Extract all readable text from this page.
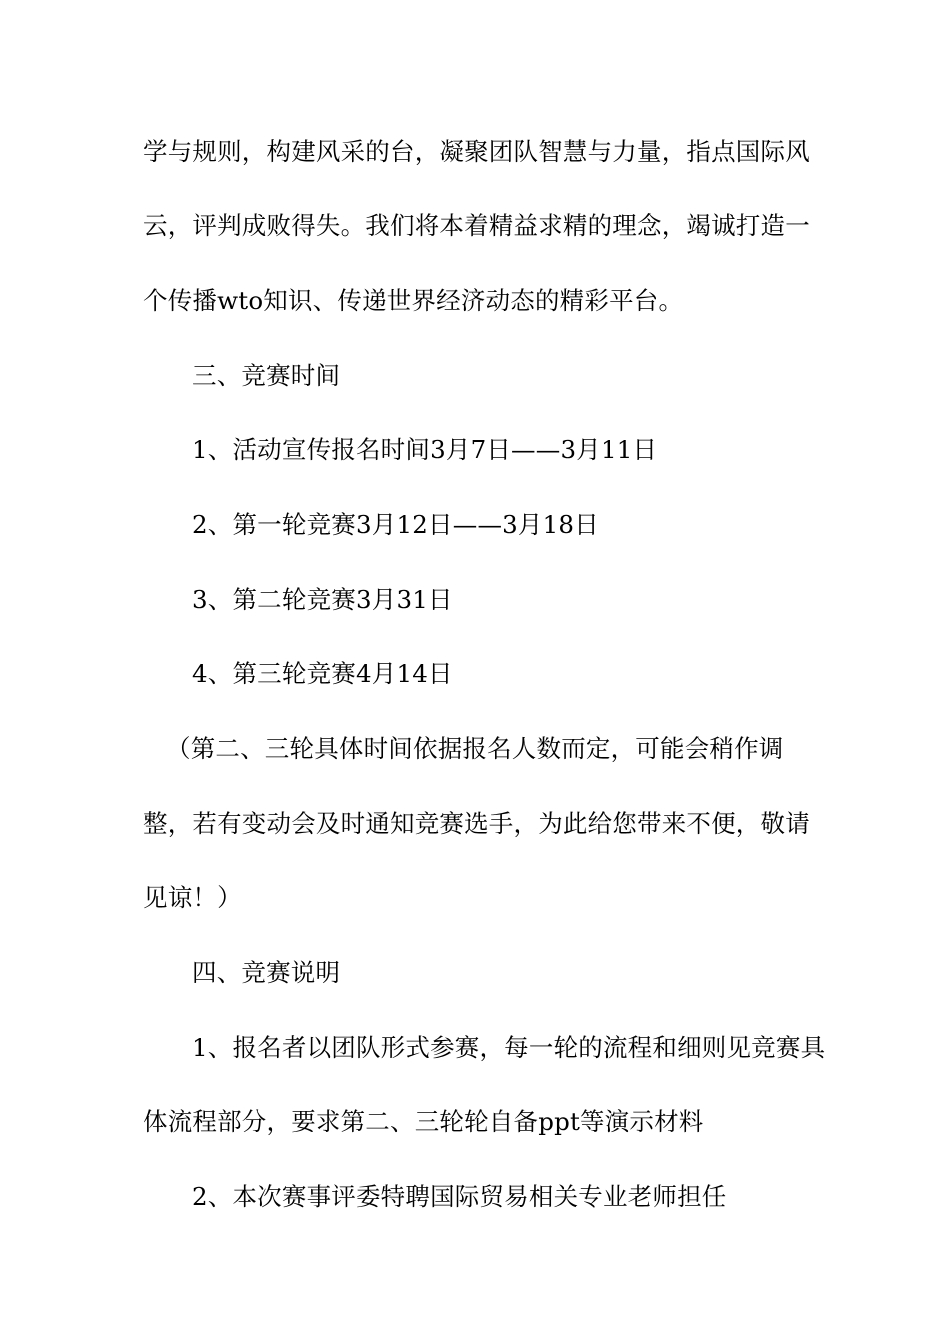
学与规则，构建风采的台，凝聚团队智慧与力量，指点国际风
云，评判成败得失。我们将本着精益求精的理念，竭诚打造一
个传播wto知识、传递世界经济动态的精彩平台。
三、竞赛时间
1、活动宣传报名时间3月7日——3月11日
2、第一轮竞赛3月12日——3月18日
3、第二轮竞赛3月31日
4、第三轮竞赛4月14日
（第二、三轮具体时间依据报名人数而定，可能会稍作调
整，若有变动会及时通知竞赛选手，为此给您带来不便，敬请
见谅！）
四、竞赛说明
1、报名者以团队形式参赛，每一轮的流程和细则见竞赛具
体流程部分，要求第二、三轮轮自备ppt等演示材料
2、本次赛事评委特聘国际贸易相关专业老师担任
